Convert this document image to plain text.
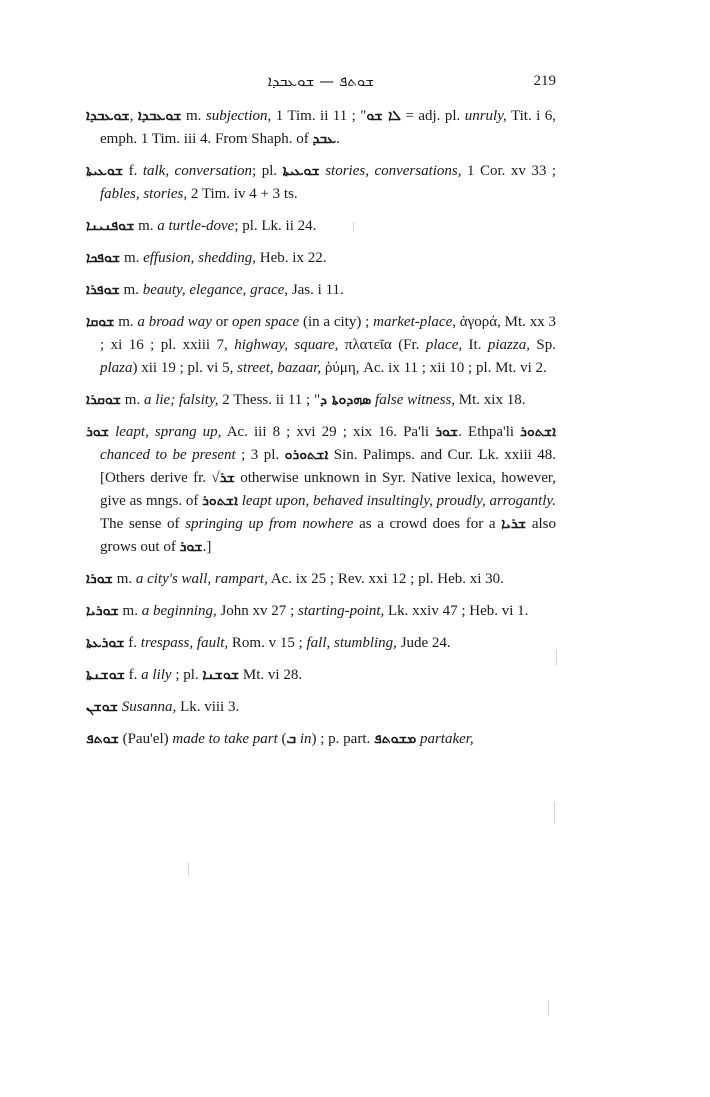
ܫܘܬܦ — ܫܘܥܒܕܐ	219

ܫܘܥܒܕܐ, ܫܘܥܒܕܐ m. subjection, 1 Tim. ii 11 ; "ܠܐ ܫܘ = adj. pl. unruly, Tit. i 6, emph. 1 Tim. iii 4. From Shaph. of ܥܒܕ.

ܫܘܥܝܬܐ f. talk, conversation; pl. ܫܘܥܝܬܐ stories, conversations, 1 Cor. xv 33 ; fables, stories, 2 Tim. iv 4 + 3 ts.

ܫܘܦܢܝܢܐ m. a turtle-dove; pl. Lk. ii 24.

ܫܘܦܟܐ m. effusion, shedding, Heb. ix 22.

ܫܘܦܪܐ m. beauty, elegance, grace, Jas. i 11.

ܫܘܩܐ m. a broad way or open space (in a city) ; market-place, ἀγορά, Mt. xx 3 ; xi 16 ; pl. xxiii 7, highway, square, πλατεῖα (Fr. place, It. piazza, Sp. plaza) xii 19 ; pl. vi 5, street, bazaar, ῥύμη, Ac. ix 11 ; xii 10 ; pl. Mt. vi 2.

ܫܘܩܪܐ m. a lie; falsity, 2 Thess. ii 11 ; "ܣܗܕܘܬܐ ܕ false witness, Mt. xix 18.

ܫܘܪ leapt, sprang up, Ac. iii 8 ; xvi 29 ; xix 16. Pa'li ܫܘܪ. Ethpa'li ܐܫܬܘܪ chanced to be present ; 3 pl. ܐܫܬܘܪܘ Sin. Palimps. and Cur. Lk. xxiii 48. [Others derive fr. √ܫܪ otherwise unknown in Syr. Native lexica, however, give as mngs. of ܐܫܬܘܪ leapt upon, behaved insultingly, proudly, arrogantly. The sense of springing up from nowhere as a crowd does for a ܫܪܝܐ also grows out of ܫܘܪ.]

ܫܘܪܐ m. a city's wall, rampart, Ac. ix 25 ; Rev. xxi 12 ; pl. Heb. xi 30.

ܫܘܪܝܐ m. a beginning, John xv 27 ; starting-point, Lk. xxiv 47 ; Heb. vi 1.

ܫܘܪܥܬܐ f. trespass, fault, Rom. v 15 ; fall, stumbling, Jude 24.

ܫܘܫܢܬܐ f. a lily ; pl. ܫܘܫܢܐ Mt. vi 28.

ܫܘܫܢ Susanna, Lk. viii 3.

ܫܘܬܦ (Pau'el) made to take part (ܒ in) ; p. part. ܡܫܘܬܦ partaker,
